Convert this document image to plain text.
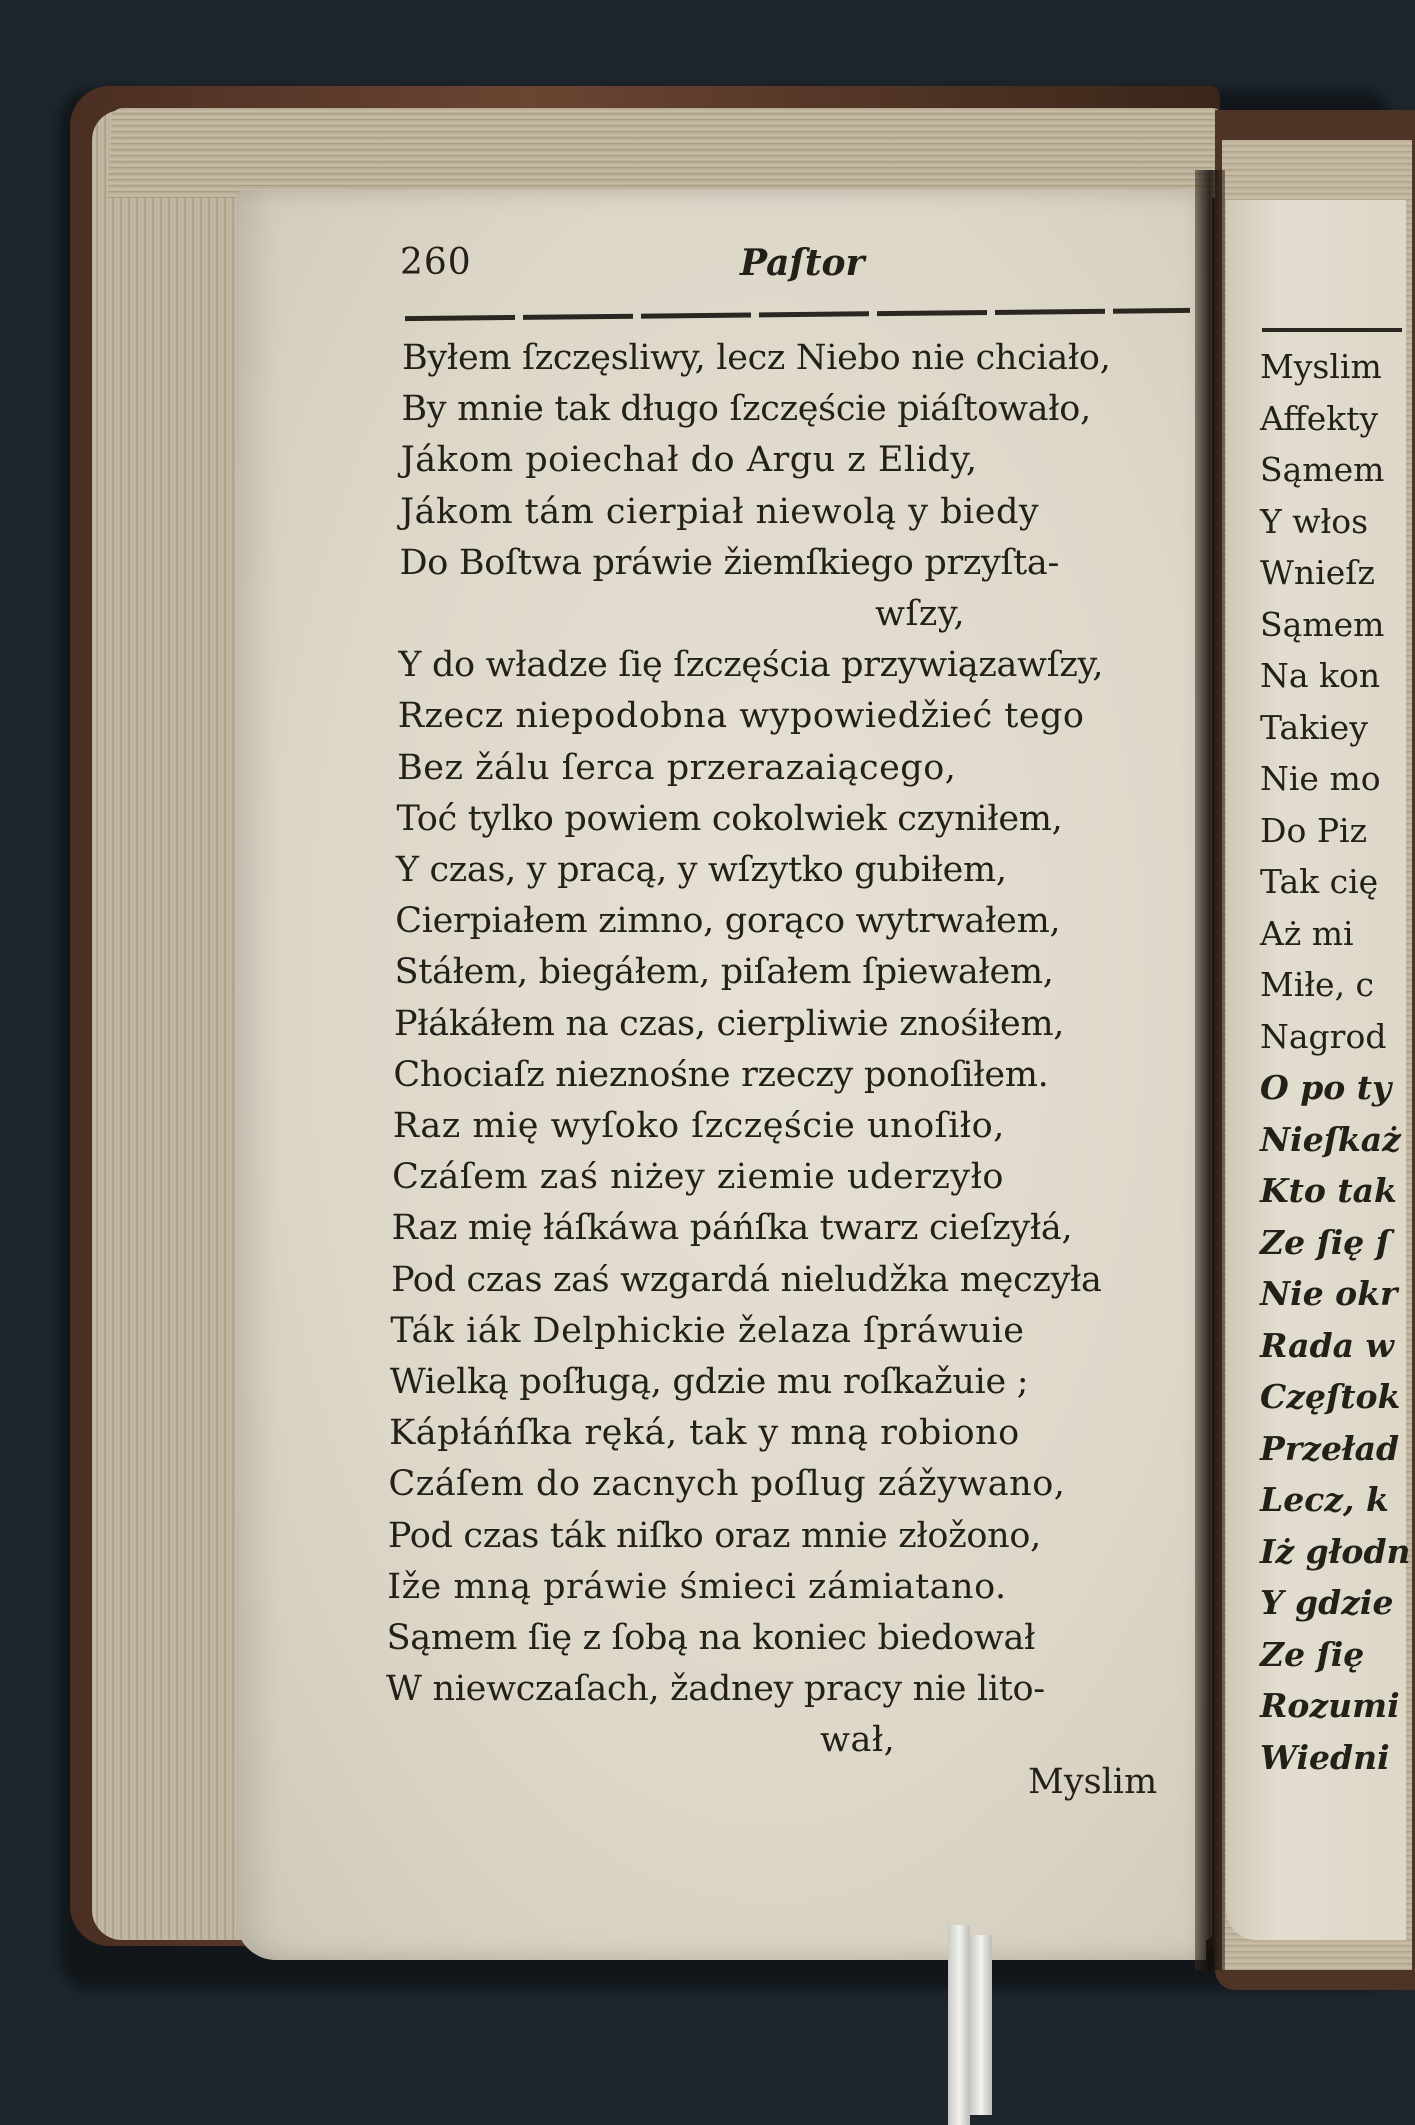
260	Paſtor
Byłem ſzczęsliwy, lecz Niebo nie chciało,
By mnie tak długo ſzczęście piáſtowało,
Jákom poiechał do Argu z Elidy,
Jákom tám cierpiał niewolą y biedy
Do Boſtwa práwie žiemſkiego przyſta-
wſzy,
Y do władze ſię ſzczęścia przywiązawſzy,
Rzecz niepodobna wypowiedžieć tego
Bez žálu ſerca przerazaiącego,
Toć tylko powiem cokolwiek czyniłem,
Y czas, y pracą, y wſzytko gubiłem,
Cierpiałem zimno, gorąco wytrwałem,
Stáłem, biegáłem, piſałem ſpiewałem,
Płákáłem na czas, cierpliwie znośiłem,
Chociaſz nieznośne rzeczy ponoſiłem.
Raz mię wyſoko ſzczęście unoſiło,
Czáſem zaś niżey ziemie uderzyło
Raz mię łáſkáwa páńſka twarz cieſzyłá,
Pod czas zaś wzgardá nieludžka męczyła
Ták iák Delphickie želaza ſpráwuie
Wielką poſługą, gdzie mu roſkažuie ;
Kápłáńſka ręká, tak y mną robiono
Czáſem do zacnych poſlug zážywano,
Pod czas ták niſko oraz mnie złožono,
Iže mną práwie śmieci zámiatano.
Sąmem ſię z ſobą na koniec biedował
W niewczaſach, žadney pracy nie lito-
wał,
Myslim
Myslim
Affekty
Sąmem
Y włos
Wnieſz
Sąmem
Na kon
Takiey
Nie mo
Do Piz
Tak cię
Aż mi
Miłe, c
Nagrod
O po ty
Nieſkaż
Kto tak
Ze ſię ſ
Nie okr
Rada w
Częſtok
Przeład
Lecz, k
Iż głodn
Y gdzie
Ze ſię
Rozumi
Wiedni
